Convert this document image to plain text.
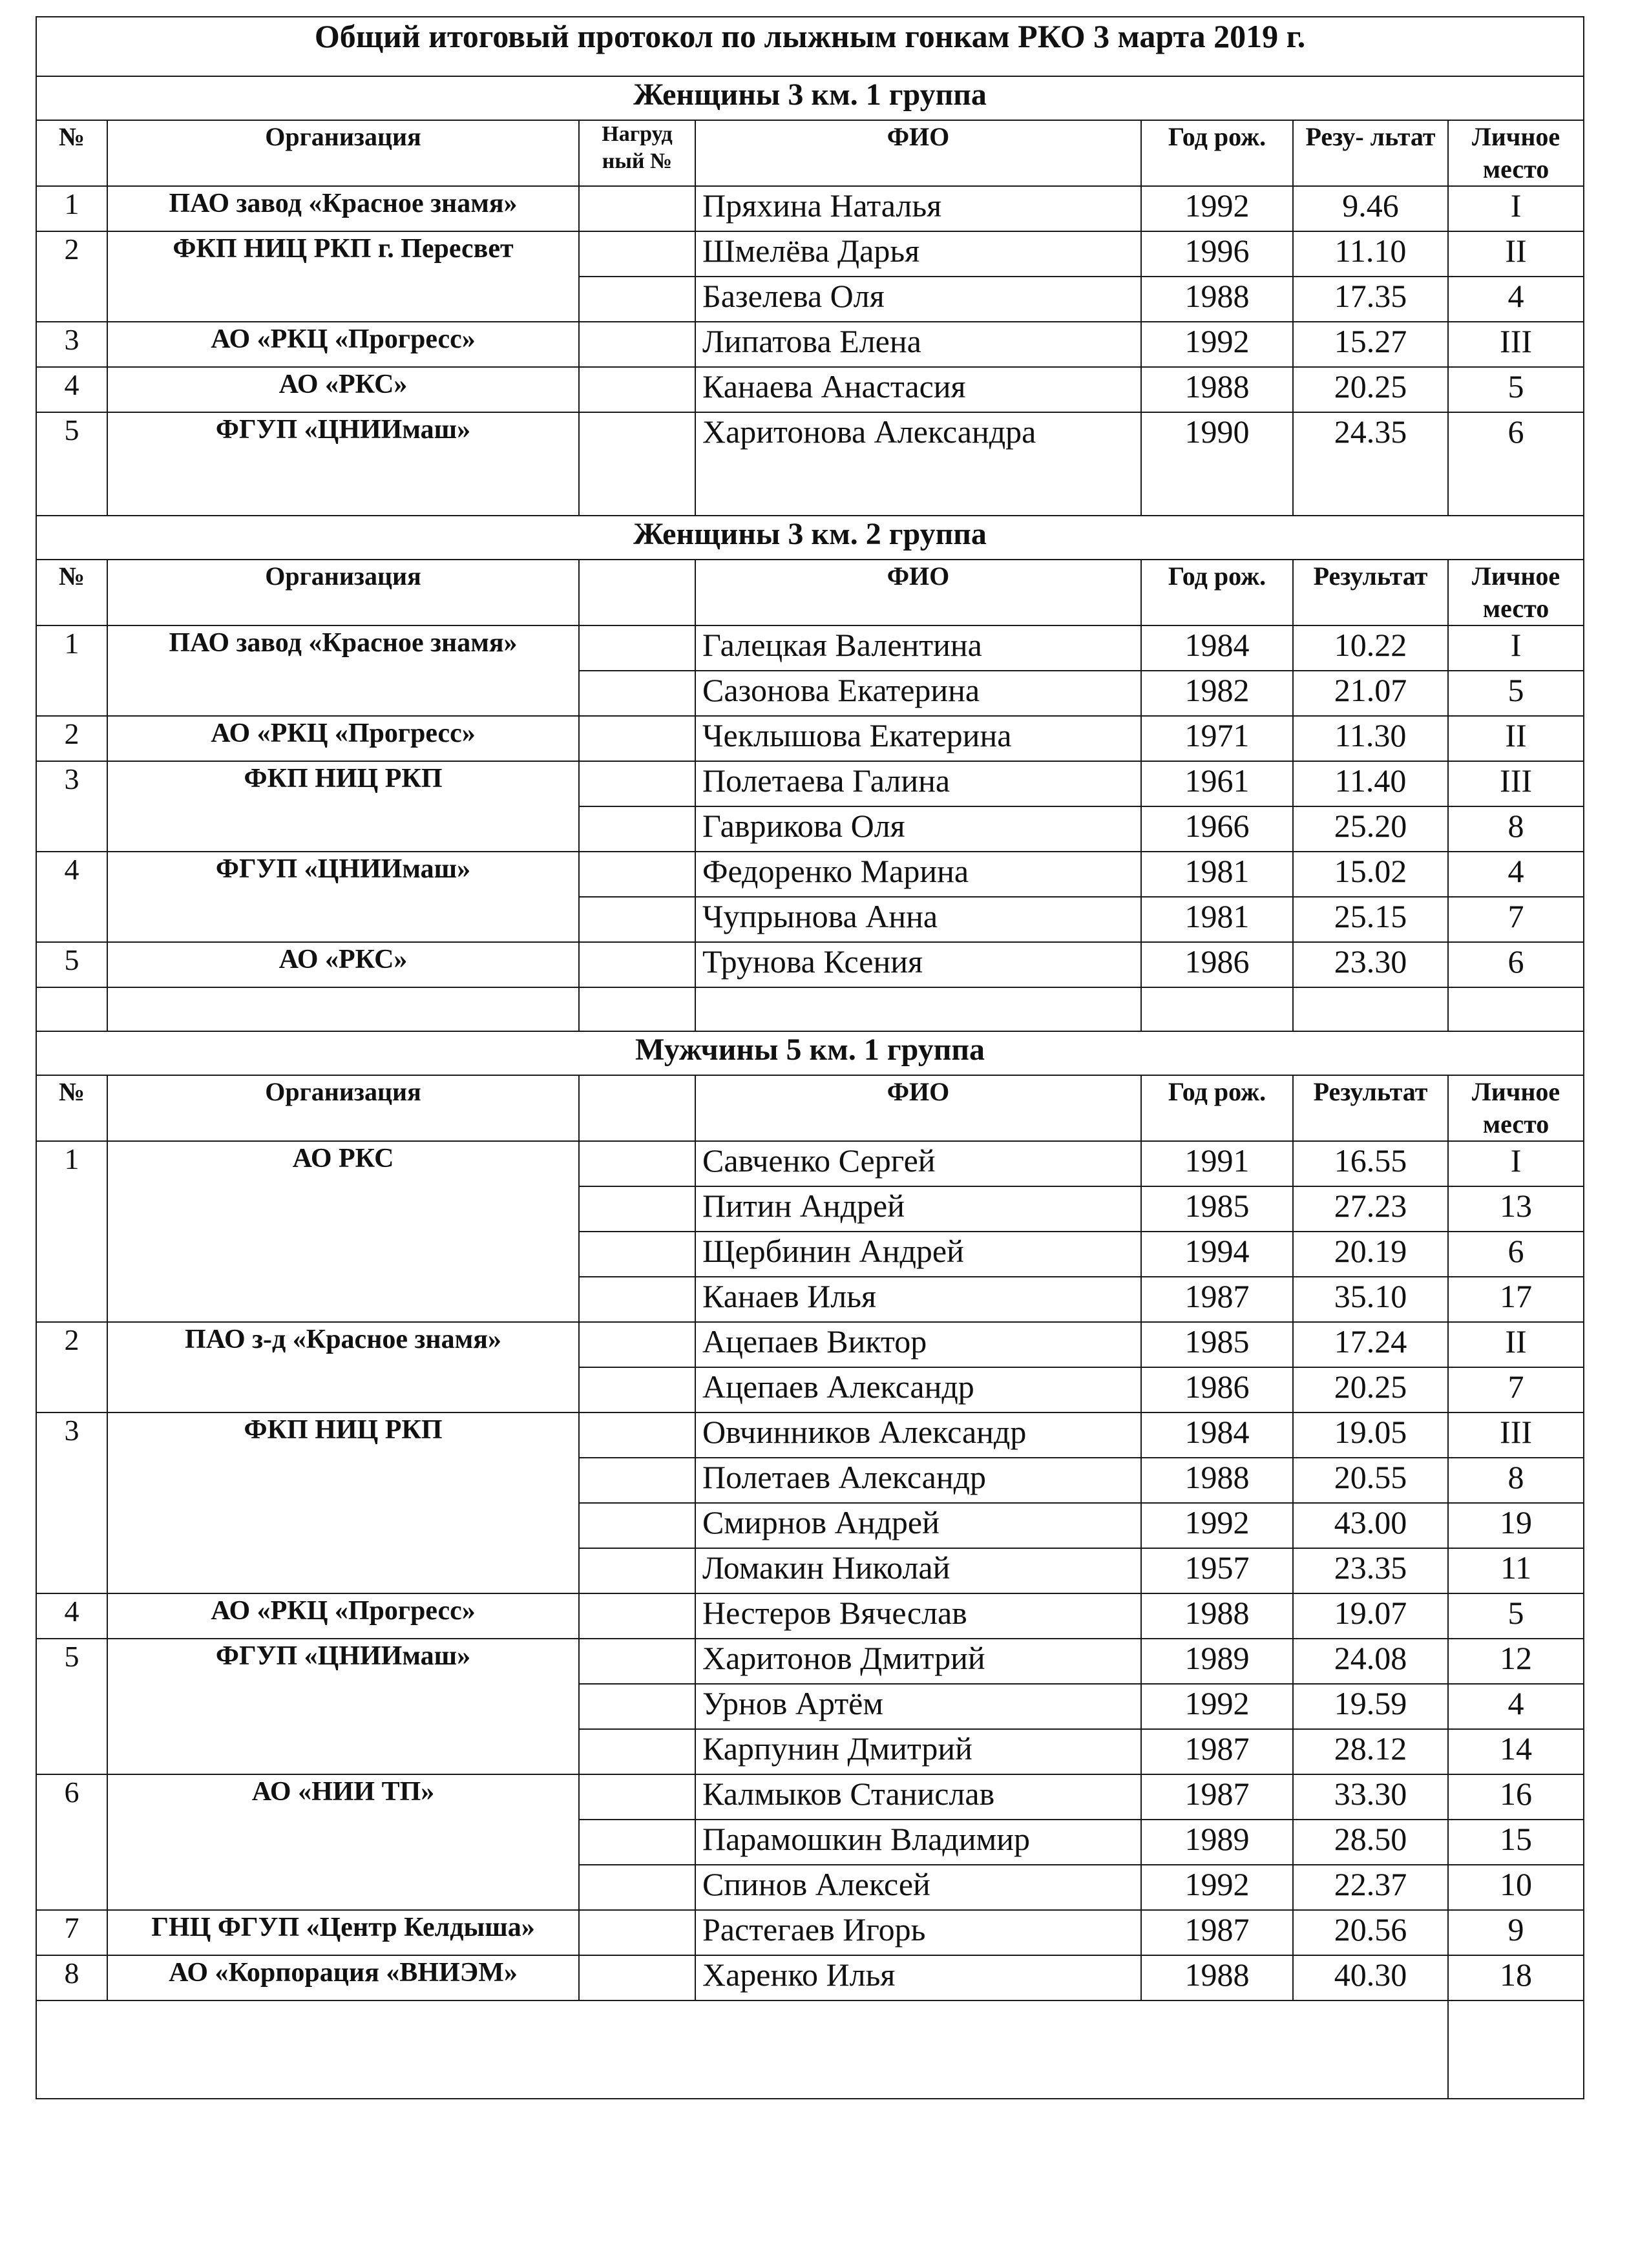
Общий итоговый протокол по лыжным гонкам РКО 3 марта 2019 г.						
Женщины 3 км. 1 группа						
№	Организация	Нагруд ный №	ФИО	Год рож.	Резу- льтат	Личное место
1	ПАО завод «Красное знамя»		Пряхина Наталья	1992	9.46	I
2	ФКП НИЦ РКП г. Пересвет		Шмелёва Дарья	1996	11.10	II
			Базелева Оля	1988	17.35	4
3	АО «РКЦ «Прогресс»		Липатова Елена	1992	15.27	III
4	АО «РКС»		Канаева Анастасия	1988	20.25	5
5	ФГУП «ЦНИИмаш»		Харитонова Александра	1990	24.35	6
Женщины 3 км. 2 группа						
№	Организация		ФИО	Год рож.	Результат	Личное место
1	ПАО завод «Красное знамя»		Галецкая Валентина	1984	10.22	I
			Сазонова Екатерина	1982	21.07	5
2	АО «РКЦ «Прогресс»		Чеклышова Екатерина	1971	11.30	II
3	ФКП НИЦ РКП		Полетаева Галина	1961	11.40	III
			Гаврикова Оля	1966	25.20	8
4	ФГУП «ЦНИИмаш»		Федоренко Марина	1981	15.02	4
			Чупрынова Анна	1981	25.15	7
5	АО «РКС»		Трунова Ксения	1986	23.30	6

Мужчины 5 км. 1 группа						
№	Организация		ФИО	Год рож.	Результат	Личное место
1	АО РКС		Савченко Сергей	1991	16.55	I
			Питин Андрей	1985	27.23	13
			Щербинин Андрей	1994	20.19	6
			Канаев Илья	1987	35.10	17
2	ПАО з-д «Красное знамя»		Ацепаев Виктор	1985	17.24	II
			Ацепаев Александр	1986	20.25	7
3	ФКП НИЦ РКП		Овчинников Александр	1984	19.05	III
			Полетаев Александр	1988	20.55	8
			Смирнов Андрей	1992	43.00	19
			Ломакин Николай	1957	23.35	11
4	АО «РКЦ «Прогресс»		Нестеров Вячеслав	1988	19.07	5
5	ФГУП «ЦНИИмаш»		Харитонов Дмитрий	1989	24.08	12
			Урнов Артём	1992	19.59	4
			Карпунин Дмитрий	1987	28.12	14
6	АО «НИИ ТП»		Калмыков Станислав	1987	33.30	16
			Парамошкин Владимир	1989	28.50	15
			Спинов Алексей	1992	22.37	10
7	ГНЦ ФГУП «Центр Келдыша»		Растегаев Игорь	1987	20.56	9
8	АО «Корпорация «ВНИЭМ»		Харенко Илья	1988	40.30	18
